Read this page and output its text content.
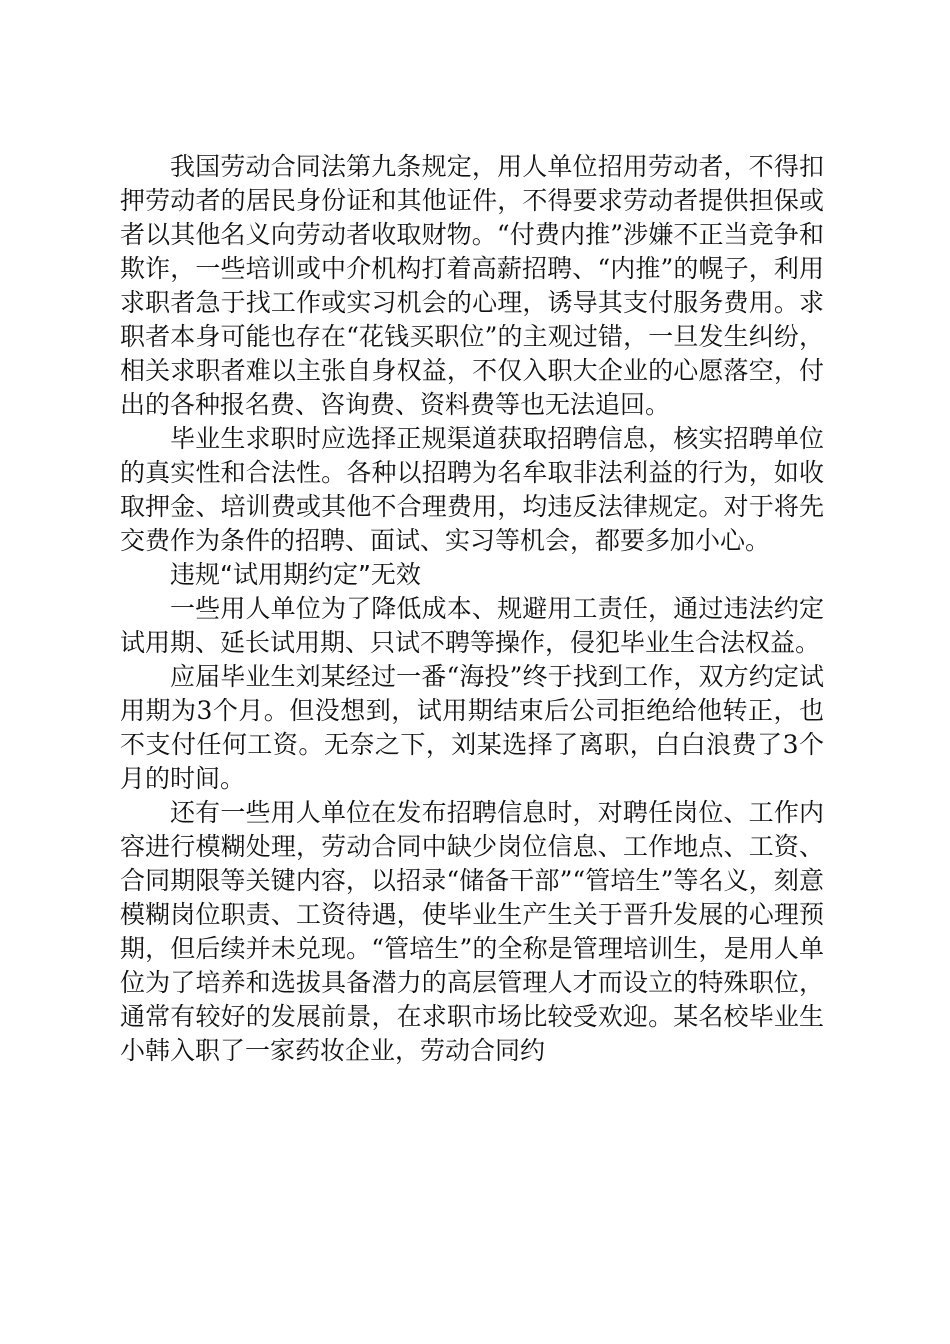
我国劳动合同法第九条规定，用人单位招用劳动者，不得扣押劳动者的居民身份证和其他证件，不得要求劳动者提供担保或者以其他名义向劳动者收取财物。“付费内推”涉嫌不正当竞争和欺诈，一些培训或中介机构打着高薪招聘、“内推”的幌子，利用求职者急于找工作或实习机会的心理，诱导其支付服务费用。求职者本身可能也存在“花钱买职位”的主观过错，一旦发生纠纷，相关求职者难以主张自身权益，不仅入职大企业的心愿落空，付出的各种报名费、咨询费、资料费等也无法追回。

毕业生求职时应选择正规渠道获取招聘信息，核实招聘单位的真实性和合法性。各种以招聘为名牟取非法利益的行为，如收取押金、培训费或其他不合理费用，均违反法律规定。对于将先交费作为条件的招聘、面试、实习等机会，都要多加小心。

违规“试用期约定”无效

一些用人单位为了降低成本、规避用工责任，通过违法约定试用期、延长试用期、只试不聘等操作，侵犯毕业生合法权益。

应届毕业生刘某经过一番“海投”终于找到工作，双方约定试用期为3个月。但没想到，试用期结束后公司拒绝给他转正，也不支付任何工资。无奈之下，刘某选择了离职，白白浪费了3个月的时间。

还有一些用人单位在发布招聘信息时，对聘任岗位、工作内容进行模糊处理，劳动合同中缺少岗位信息、工作地点、工资、合同期限等关键内容，以招录“储备干部”“管培生”等名义，刻意模糊岗位职责、工资待遇，使毕业生产生关于晋升发展的心理预期，但后续并未兑现。“管培生”的全称是管理培训生，是用人单位为了培养和选拔具备潜力的高层管理人才而设立的特殊职位，通常有较好的发展前景，在求职市场比较受欢迎。某名校毕业生小韩入职了一家药妆企业，劳动合同约
